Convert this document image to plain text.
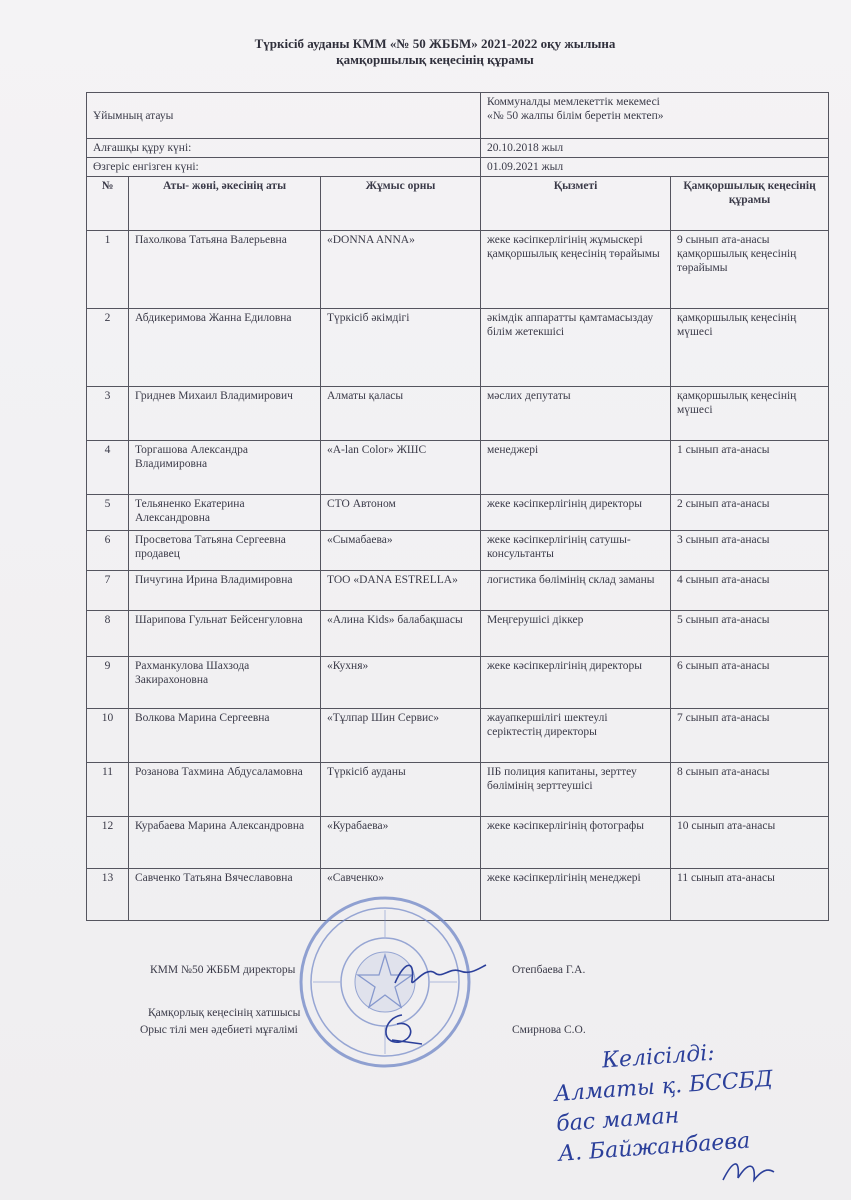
Түркісіб ауданы КММ «№ 50 ЖББМ» 2021-2022 оқу жылына
қамқоршылық кеңесінің құрамы
Ұйымның атауы			Коммуналды мемлекеттік мекемесі
«№ 50 жалпы білім беретін мектеп»	

Алғашқы құру күні:			20.10.2018 жыл	
Өзгеріс енгізген күні:			01.09.2021 жыл	
№	Аты- жөні, әкесінің аты	Жұмыс орны	Қызметі	Қамқоршылық кеңесінің құрамы
1	Пахолкова Татьяна Валерьевна	«DONNA ANNA»	жеке кәсіпкерлігінің жұмыскері қамқоршылық кеңесінің төрайымы	9 сынып ата-анасы қамқоршылық кеңесінің төрайымы
2	Абдикеримова Жанна Едиловна	Түркісіб әкімдігі	әкімдік аппаратты қамтамасыздау білім жетекшісі	қамқоршылық кеңесінің мүшесі
3	Гриднев Михаил Владимирович	Алматы қаласы	мәслих депутаты	қамқоршылық кеңесінің мүшесі
4	Торгашова Александра Владимировна	«A-lan Color» ЖШС	менеджері	1 сынып ата-анасы
5	Тельяненко Екатерина Александровна	СТО Автоном	жеке кәсіпкерлігінің директоры	2 сынып ата-анасы
6	Просветова Татьяна Сергеевна продавец	«Сымабаева»	жеке кәсіпкерлігінің сатушы-консультанты	3 сынып ата-анасы
7	Пичугина Ирина Владимировна	ТОО «DANA ESTRELLA»	логистика бөлімінің склад заманы	4 сынып ата-анасы
8	Шарипова Гульнат Бейсенгуловна	«Алина Kids» балабақшасы	Меңгерушісі діккер	5 сынып ата-анасы
9	Рахманкулова Шахзода Закирахоновна	«Кухня»	жеке кәсіпкерлігінің директоры	6 сынып ата-анасы
10	Волкова Марина Сергеевна	«Тұлпар Шин Сервис»	жауапкершілігі шектеулі серіктестің директоры	7 сынып ата-анасы
11	Розанова Тахмина Абдусаламовна	Түркісіб ауданы	ІІБ полиция капитаны, зерттеу бөлімінің зерттеушісі	8 сынып ата-анасы
12	Курабаева Марина Александровна	«Курабаева»	жеке кәсіпкерлігінің фотографы	10 сынып ата-анасы
13	Савченко Татьяна Вячеславовна	«Савченко»	жеке кәсіпкерлігінің менеджері	11 сынып ата-анасы
КММ №50 ЖББМ директоры	Отепбаева Г.А.
Қамқорлық кеңесінің хатшысы
Орыс тілі мен әдебиеті мұғалімі	Смирнова С.О.
Келісілді:
Алматы қ. БССБД
бас маман
А. Байжанбаева
